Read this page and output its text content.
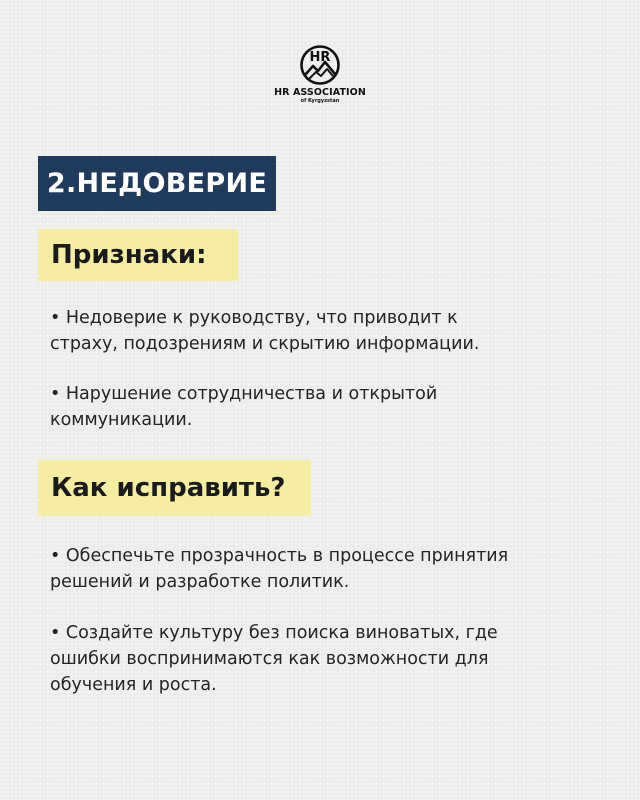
HR
HR ASSOCIATION
of Kyrgyzstan
2.НЕДОВЕРИЕ
Признаки:

• Недоверие к руководству, что приводит к страху, подозрениям и скрытию информации.

• Нарушение сотрудничества и открытой коммуникации.

Как исправить?

• Обеспечьте прозрачность в процессе принятия решений и разработке политик.

• Создайте культуру без поиска виноватых, где ошибки воспринимаются как возможности для обучения и роста.
